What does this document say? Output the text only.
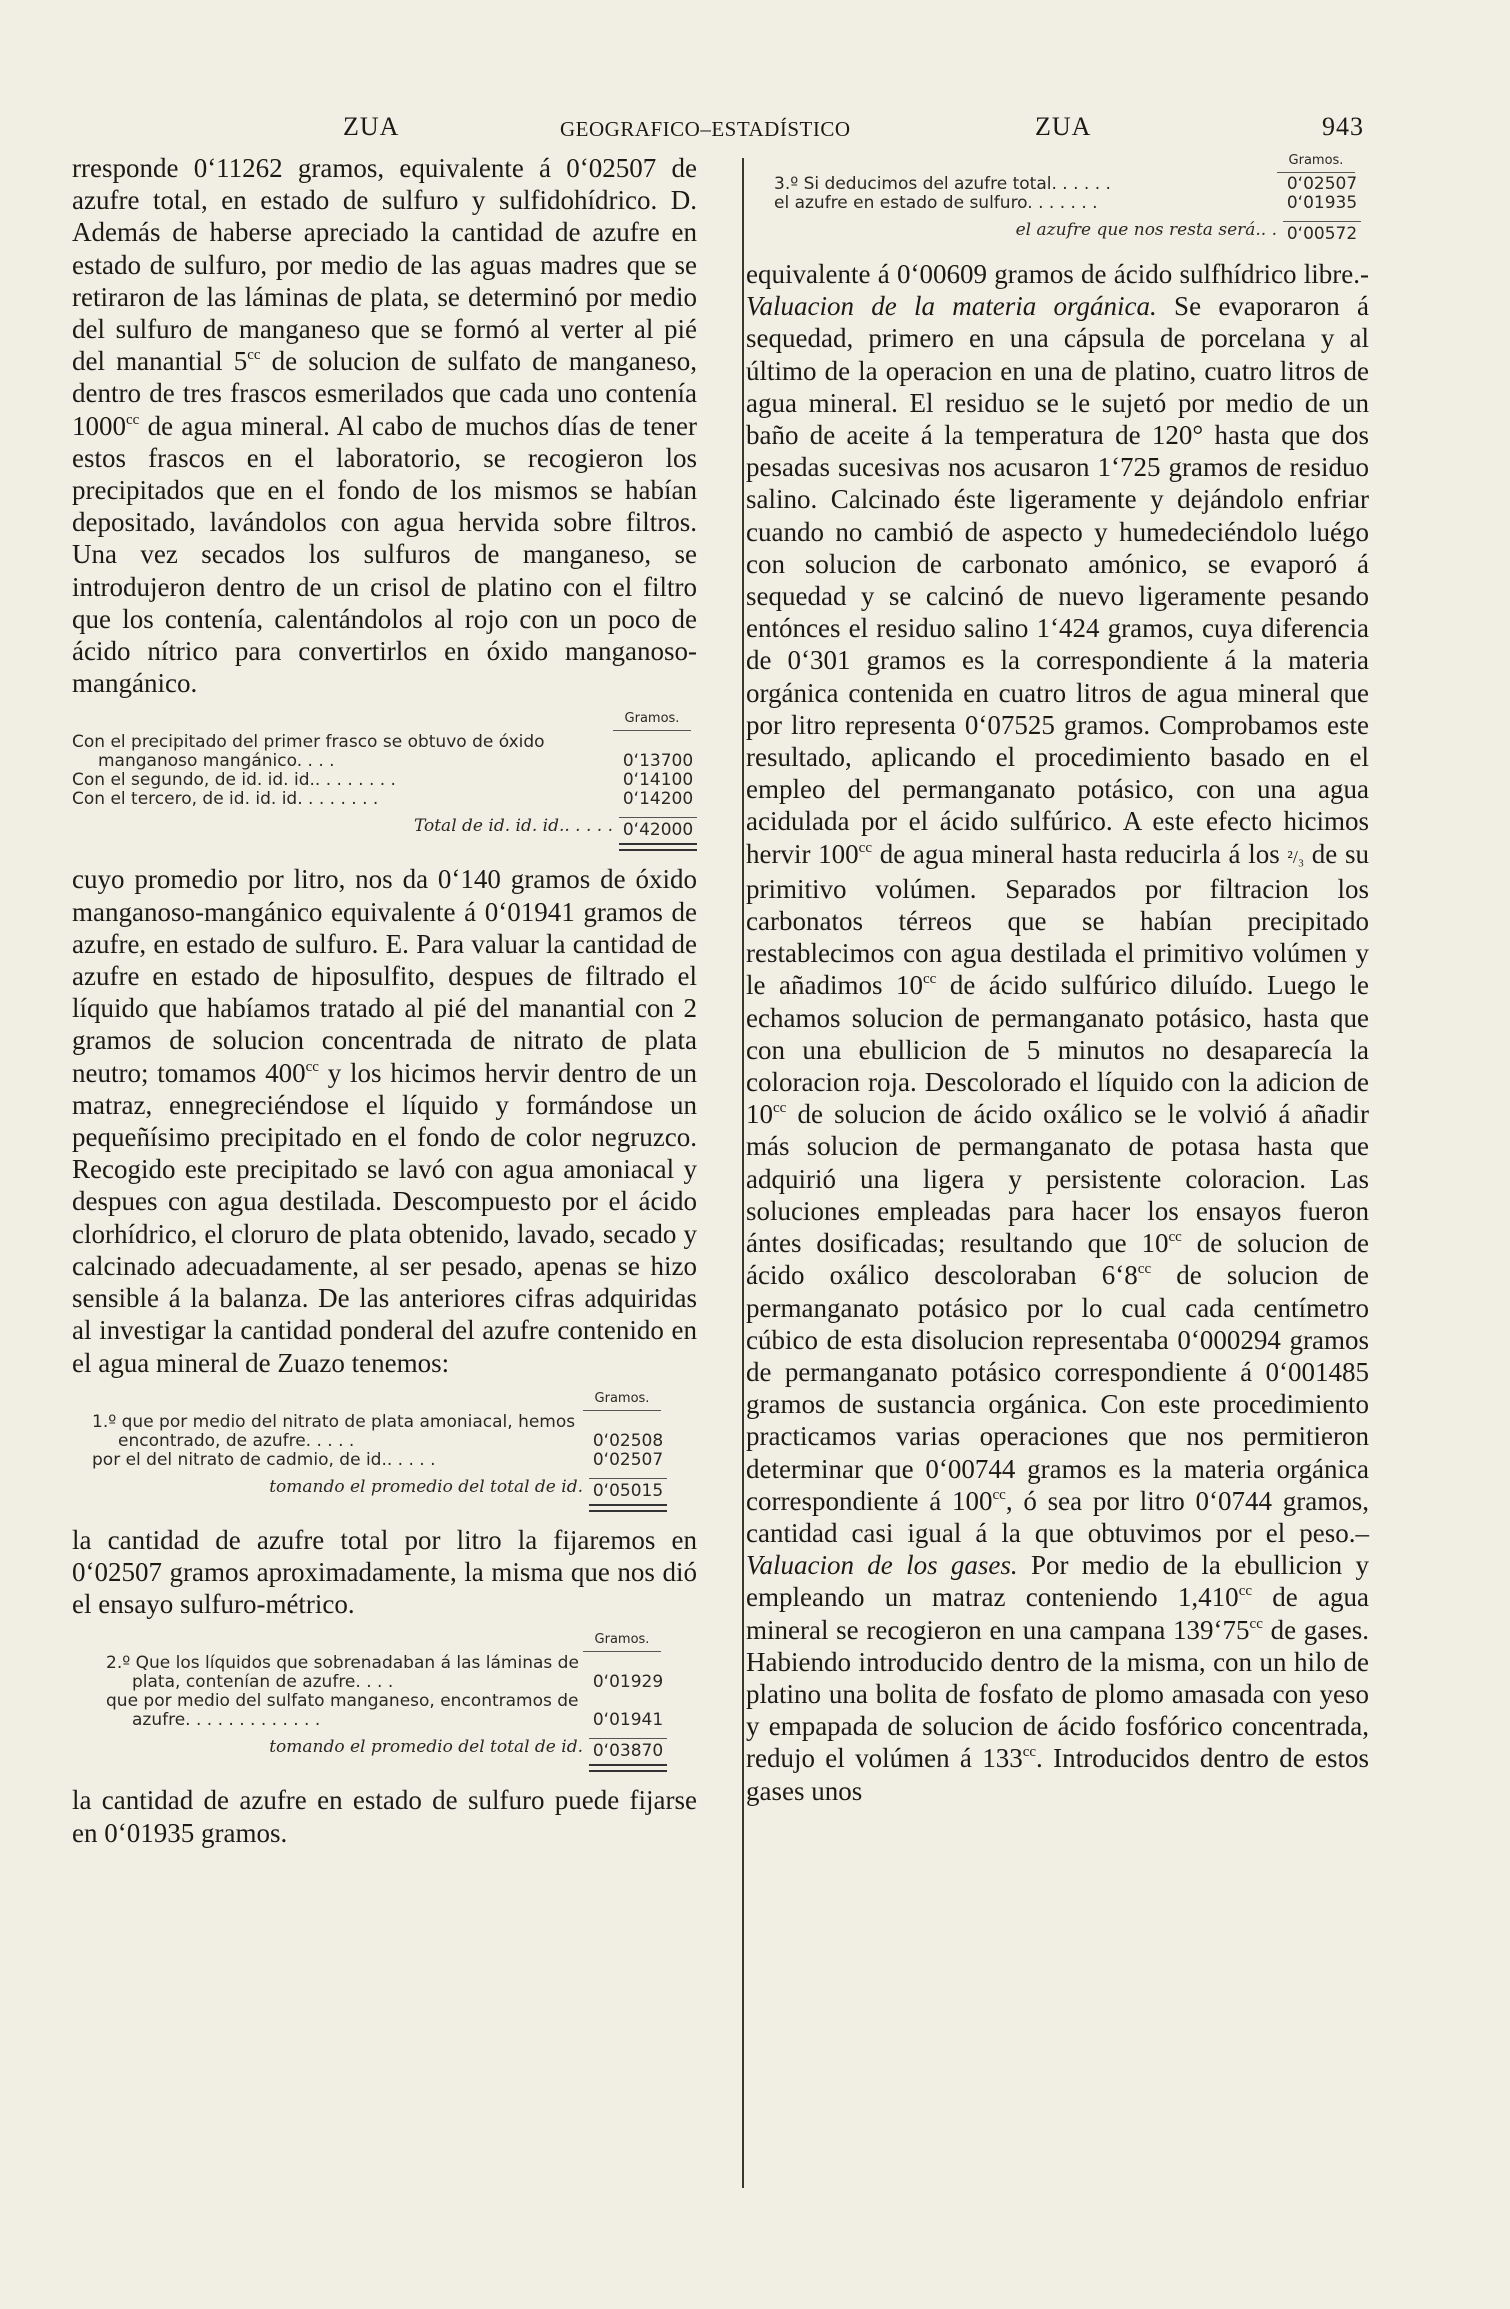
ZUA	GEOGRAFICO–ESTADÍSTICO	ZUA	943

rresponde 0‘11262 gramos, equivalente á 0‘02507 de azufre total, en estado de sulfuro y sulfidohídrico. D. Además de haberse apreciado la cantidad de azufre en estado de sulfuro, por medio de las aguas madres que se retiraron de las láminas de plata, se determinó por medio del sulfuro de manganeso que se formó al verter al pié del manantial $5^{cc}$ de solucion de sulfato de manganeso, dentro de tres frascos esmerilados que cada uno contenía $1000^{cc}$ de agua mineral. Al cabo de muchos días de tener estos frascos en el laboratorio, se recogieron los precipitados que en el fondo de los mismos se habían depositado, lavándolos con agua hervida sobre filtros. Una vez secados los sulfuros de manganeso, se introdujeron dentro de un crisol de platino con el filtro que los contenía, calentándolos al rojo con un poco de ácido nítrico para convertirlos en óxido manganoso-mangánico.

Gramos.
Con el precipitado del primer frasco se obtuvo de óxido manganoso mangánico. . . .	0‘13700
Con el segundo, de id. id. id.. . . . . . . .	0‘14100
Con el tercero, de id. id. id. . . . . . . .	0‘14200
Total de id. id. id.. . . . . 0‘42000

cuyo promedio por litro, nos da 0‘140 gramos de óxido manganoso-mangánico equivalente á 0‘01941 gramos de azufre, en estado de sulfuro. E. Para valuar la cantidad de azufre en estado de hiposulfito, despues de filtrado el líquido que habíamos tratado al pié del manantial con 2 gramos de solucion concentrada de nitrato de plata neutro; tomamos $400^{cc}$ y los hicimos hervir dentro de un matraz, ennegreciéndose el líquido y formándose un pequeñísimo precipitado en el fondo de color negruzco. Recogido este precipitado se lavó con agua amoniacal y despues con agua destilada. Descompuesto por el ácido clorhídrico, el cloruro de plata obtenido, lavado, secado y calcinado adecuadamente, al ser pesado, apenas se hizo sensible á la balanza. De las anteriores cifras adquiridas al investigar la cantidad ponderal del azufre contenido en el agua mineral de Zuazo tenemos:

Gramos.
1.º que por medio del nitrato de plata amoniacal, hemos encontrado, de azufre. . . . .	0‘02508
por el del nitrato de cadmio, de id.. . . . .	0‘02507
tomando el promedio del total de id. 0‘05015

la cantidad de azufre total por litro la fijaremos en 0‘02507 gramos aproximadamente, la misma que nos dió el ensayo sulfuro-métrico.

Gramos.
2.º Que los líquidos que sobrenadaban á las láminas de plata, contenían de azufre. . . .	0‘01929
que por medio del sulfato manganeso, encontramos de azufre. . . . . . . . . . . . .	0‘01941
tomando el promedio del total de id. 0‘03870

la cantidad de azufre en estado de sulfuro puede fijarse en 0‘01935 gramos.

Gramos.
3.º Si deducimos del azufre total. . . . . .	0‘02507
el azufre en estado de sulfuro. . . . . . .	0‘01935
el azufre que nos resta será.. . 0‘00572

equivalente á 0‘00609 gramos de ácido sulfhídrico libre.- Valuacion de la materia orgánica. Se evaporaron á sequedad, primero en una cápsula de porcelana y al último de la operacion en una de platino, cuatro litros de agua mineral. El residuo se le sujetó por medio de un baño de aceite á la temperatura de 120° hasta que dos pesadas sucesivas nos acusaron 1‘725 gramos de residuo salino. Calcinado éste ligeramente y dejándolo enfriar cuando no cambió de aspecto y humedeciéndolo luégo con solucion de carbonato amónico, se evaporó á sequedad y se calcinó de nuevo ligeramente pesando entónces el residuo salino 1‘424 gramos, cuya diferencia de 0‘301 gramos es la correspondiente á la materia orgánica contenida en cuatro litros de agua mineral que por litro representa 0‘07525 gramos. Comprobamos este resultado, aplicando el procedimiento basado en el empleo del permanganato potásico, con una agua acidulada por el ácido sulfúrico. A este efecto hicimos hervir $100^{cc}$ de agua mineral hasta reducirla á los ²/₃ de su primitivo volúmen. Separados por filtracion los carbonatos térreos que se habían precipitado restablecimos con agua destilada el primitivo volúmen y le añadimos $10^{cc}$ de ácido sulfúrico diluído. Luego le echamos solucion de permanganato potásico, hasta que con una ebullicion de 5 minutos no desaparecía la coloracion roja. Descolorado el líquido con la adicion de $10^{cc}$ de solucion de ácido oxálico se le volvió á añadir más solucion de permanganato de potasa hasta que adquirió una ligera y persistente coloracion. Las soluciones empleadas para hacer los ensayos fueron ántes dosificadas; resultando que $10^{cc}$ de solucion de ácido oxálico descoloraban $6‘8^{cc}$ de solucion de permanganato potásico por lo cual cada centímetro cúbico de esta disolucion representaba 0‘000294 gramos de permanganato potásico correspondiente á 0‘001485 gramos de sustancia orgánica. Con este procedimiento practicamos varias operaciones que nos permitieron determinar que 0‘00744 gramos es la materia orgánica correspondiente á $100^{cc}$, ó sea por litro 0‘0744 gramos, cantidad casi igual á la que obtuvimos por el peso.– Valuacion de los gases. Por medio de la ebullicion y empleando un matraz conteniendo 1,410$^{cc}$ de agua mineral se recogieron en una campana $139‘75^{cc}$ de gases. Habiendo introducido dentro de la misma, con un hilo de platino una bolita de fosfato de plomo amasada con yeso y empapada de solucion de ácido fosfórico concentrada, redujo el volúmen á $133^{cc}$. Introducidos dentro de estos gases unos
